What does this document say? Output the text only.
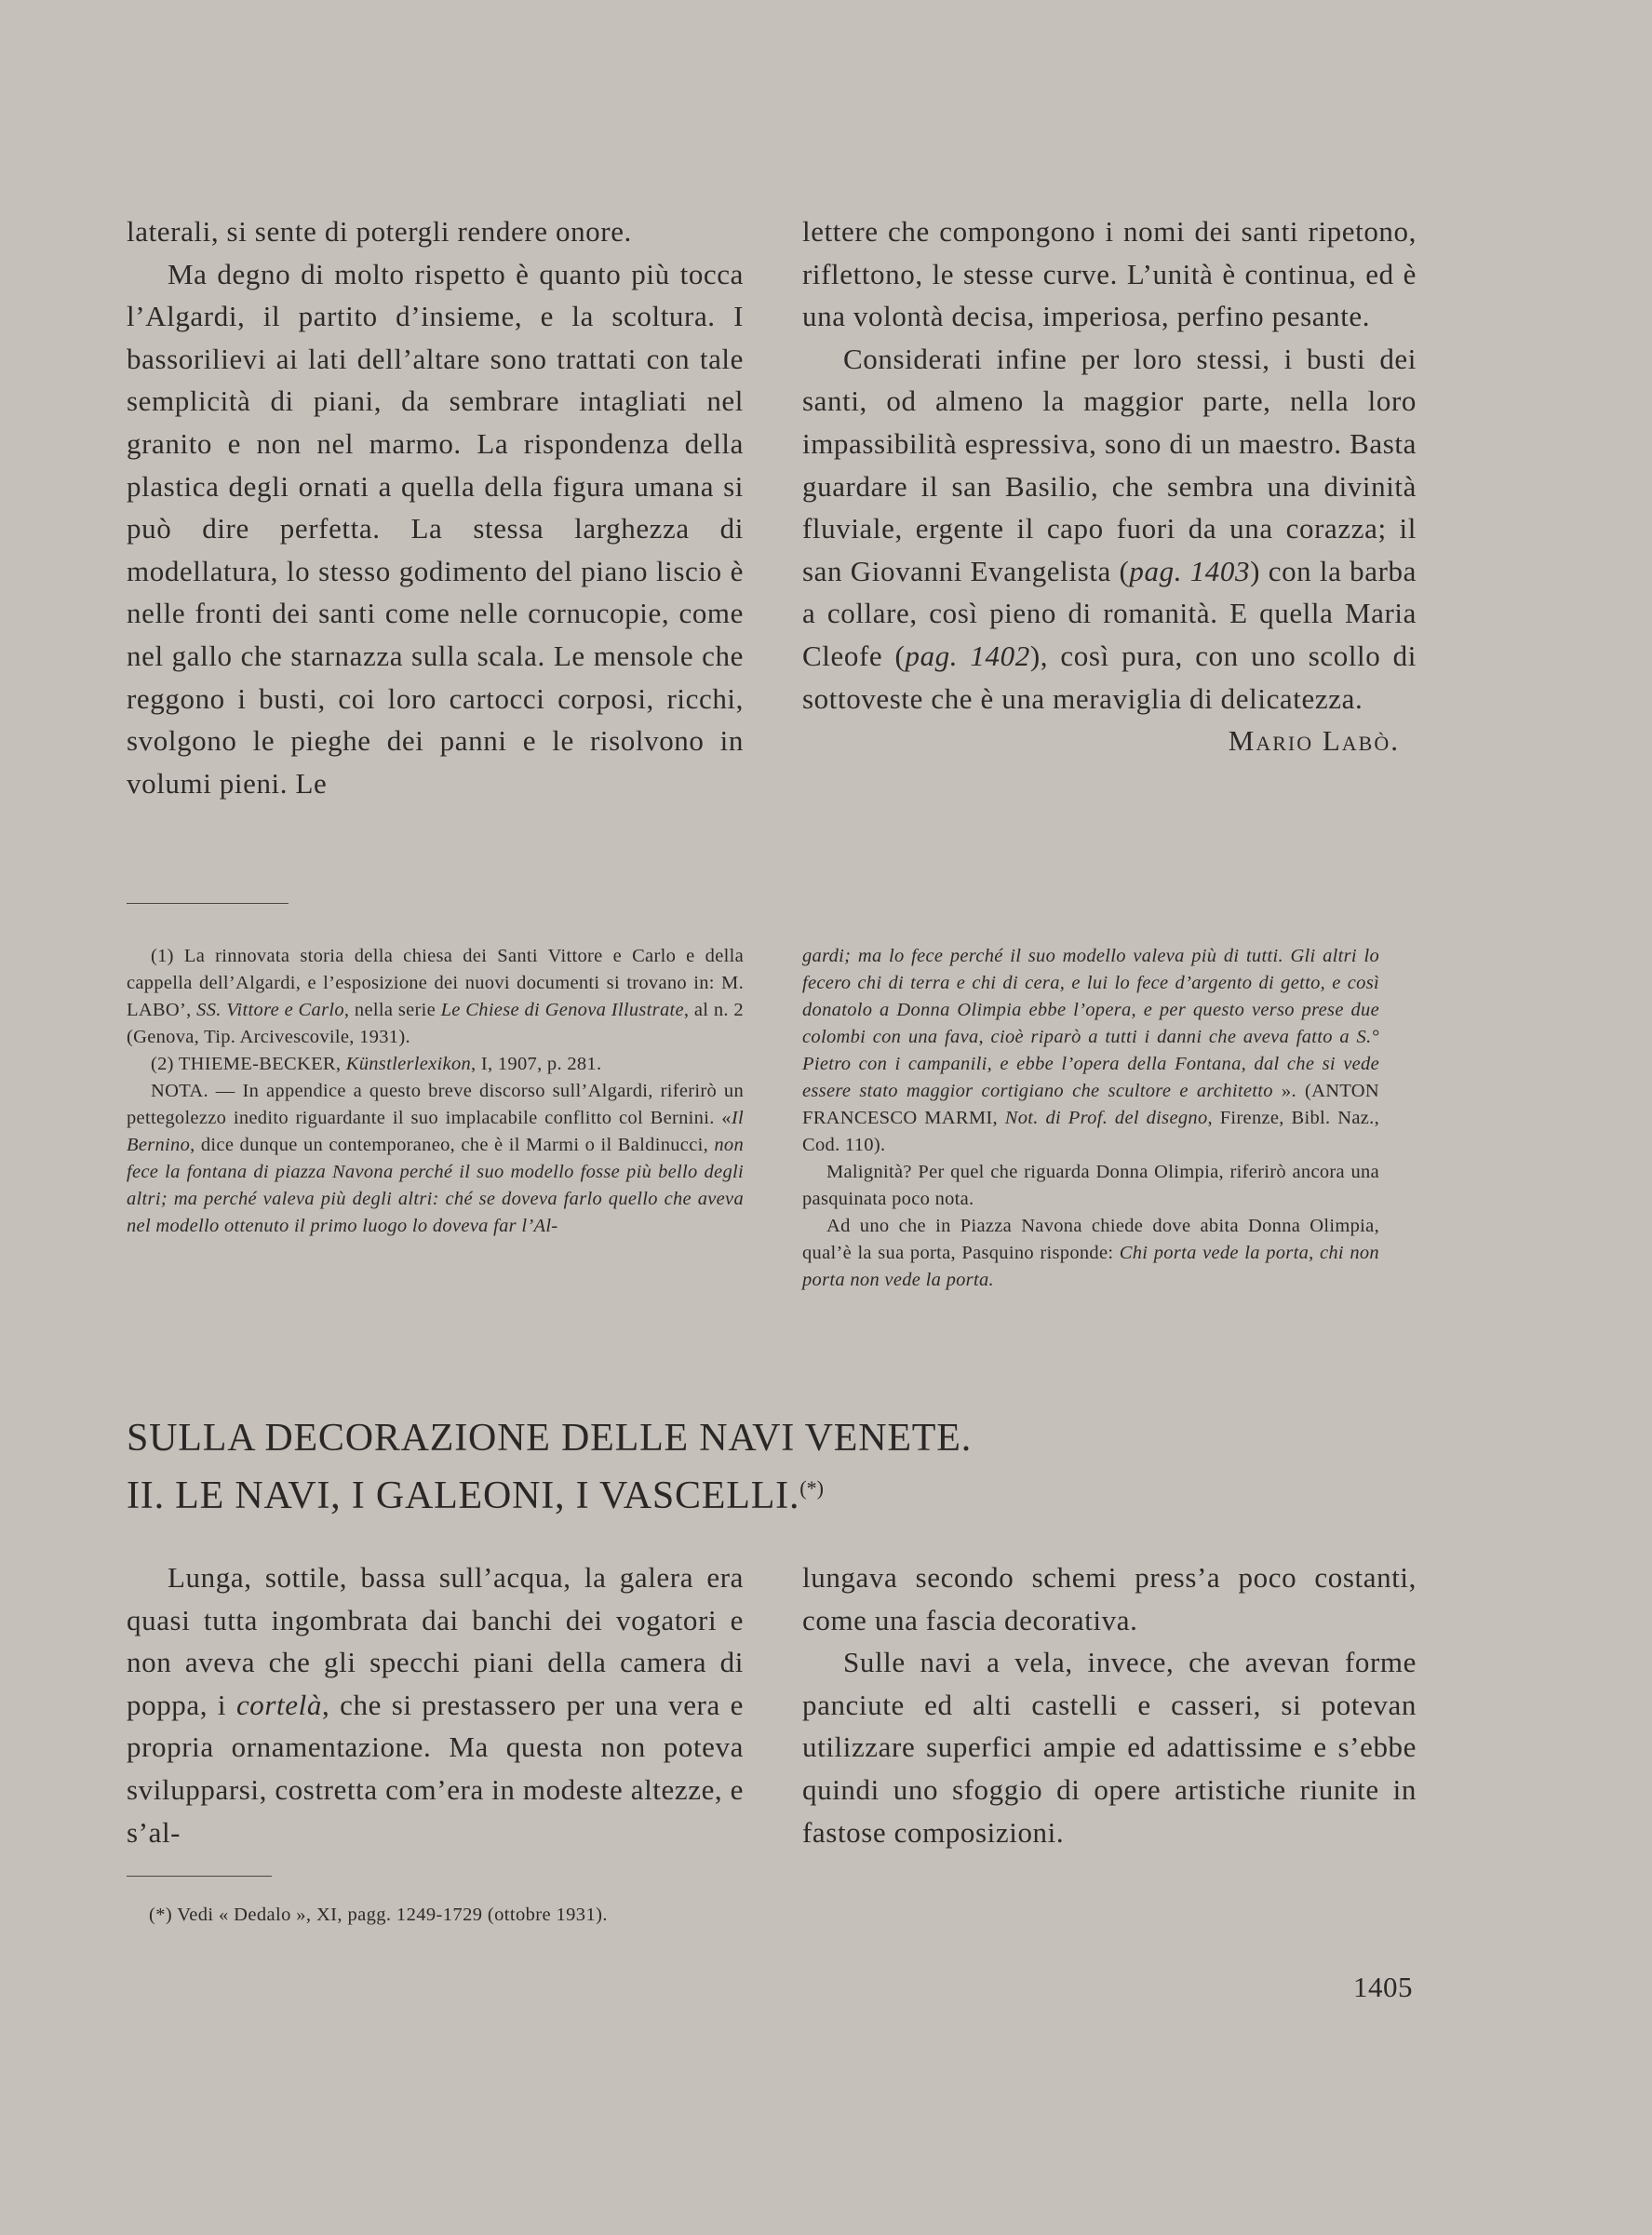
laterali, si sente di potergli rendere onore.

Ma degno di molto rispetto è quanto più tocca l’Algardi, il partito d’insieme, e la scoltura. I bassorilievi ai lati dell’altare sono trattati con tale semplicità di piani, da sembrare intagliati nel granito e non nel marmo. La rispondenza della plastica degli ornati a quella della figura umana si può dire perfetta. La stessa larghezza di modellatura, lo stesso godimento del piano liscio è nelle fronti dei santi come nelle cornucopie, come nel gallo che starnazza sulla scala. Le mensole che reggono i busti, coi loro cartocci corposi, ricchi, svolgono le pieghe dei panni e le risolvono in volumi pieni. Le

lettere che compongono i nomi dei santi ripetono, riflettono, le stesse curve. L’unità è continua, ed è una volontà decisa, imperiosa, perfino pesante.

Considerati infine per loro stessi, i busti dei santi, od almeno la maggior parte, nella loro impassibilità espressiva, sono di un maestro. Basta guardare il san Basilio, che sembra una divinità fluviale, ergente il capo fuori da una corazza; il san Giovanni Evangelista (pag. 1403) con la barba a collare, così pieno di romanità. E quella Maria Cleofe (pag. 1402), così pura, con uno scollo di sottoveste che è una meraviglia di delicatezza.

Mario Labò.

(1) La rinnovata storia della chiesa dei Santi Vittore e Carlo e della cappella dell’Algardi, e l’esposizione dei nuovi documenti si trovano in: M. LABO’, SS. Vittore e Carlo, nella serie Le Chiese di Genova Illustrate, al n. 2 (Genova, Tip. Arcivescovile, 1931).

(2) THIEME-BECKER, Künstlerlexikon, I, 1907, p. 281.

NOTA. — In appendice a questo breve discorso sull’Algardi, riferirò un pettegolezzo inedito riguardante il suo implacabile conflitto col Bernini. «Il Bernino, dice dunque un contemporaneo, che è il Marmi o il Baldinucci, non fece la fontana di piazza Navona perché il suo modello fosse più bello degli altri; ma perché valeva più degli altri: ché se doveva farlo quello che aveva nel modello ottenuto il primo luogo lo doveva far l’Al-

gardi; ma lo fece perché il suo modello valeva più di tutti. Gli altri lo fecero chi di terra e chi di cera, e lui lo fece d’argento di getto, e così donatolo a Donna Olimpia ebbe l’opera, e per questo verso prese due colombi con una fava, cioè riparò a tutti i danni che aveva fatto a S.° Pietro con i campanili, e ebbe l’opera della Fontana, dal che si vede essere stato maggior cortigiano che scultore e architetto ». (ANTON FRANCESCO MARMI, Not. di Prof. del disegno, Firenze, Bibl. Naz., Cod. 110).

Malignità? Per quel che riguarda Donna Olimpia, riferirò ancora una pasquinata poco nota.

Ad uno che in Piazza Navona chiede dove abita Donna Olimpia, qual’è la sua porta, Pasquino risponde: Chi porta vede la porta, chi non porta non vede la porta.

SULLA DECORAZIONE DELLE NAVI VENETE.
II. LE NAVI, I GALEONI, I VASCELLI.(*)

Lunga, sottile, bassa sull’acqua, la galera era quasi tutta ingombrata dai banchi dei vogatori e non aveva che gli specchi piani della camera di poppa, i cortelà, che si prestassero per una vera e propria ornamentazione. Ma questa non poteva svilupparsi, costretta com’era in modeste altezze, e s’al-

lungava secondo schemi press’a poco costanti, come una fascia decorativa.

Sulle navi a vela, invece, che avevan forme panciute ed alti castelli e casseri, si potevan utilizzare superfici ampie ed adattissime e s’ebbe quindi uno sfoggio di opere artistiche riunite in fastose composizioni.

(*) Vedi « Dedalo », XI, pagg. 1249-1729 (ottobre 1931).
1405
